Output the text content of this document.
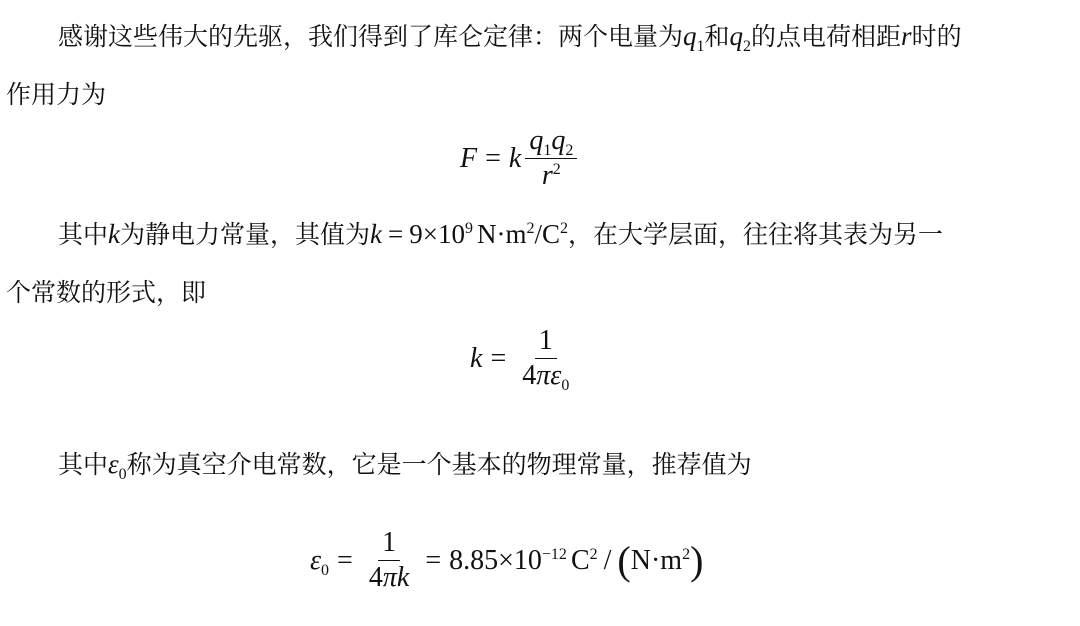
感谢这些伟大的先驱，我们得到了库仑定律：两个电量为$q_1$和$q_2$的点电荷相距r时的
作用力为
F = k $\frac{q_1q_2}{r^2}$
其中k为静电力常量，其值为$k = 9\times 10^9$ $N\cdot m^2/C^2$，在大学层面，往往将其表为另一
个常数的形式，即
$k = \frac{1}{4\pi\varepsilon_0}$
其中$\varepsilon_0$称为真空介电常数，它是一个基本的物理常量，推荐值为
$\varepsilon_0 = \frac{1}{4\pi k} = 8.85\times 10^{-12}$ $C^2$ / ( $N\cdot m^2$ )
